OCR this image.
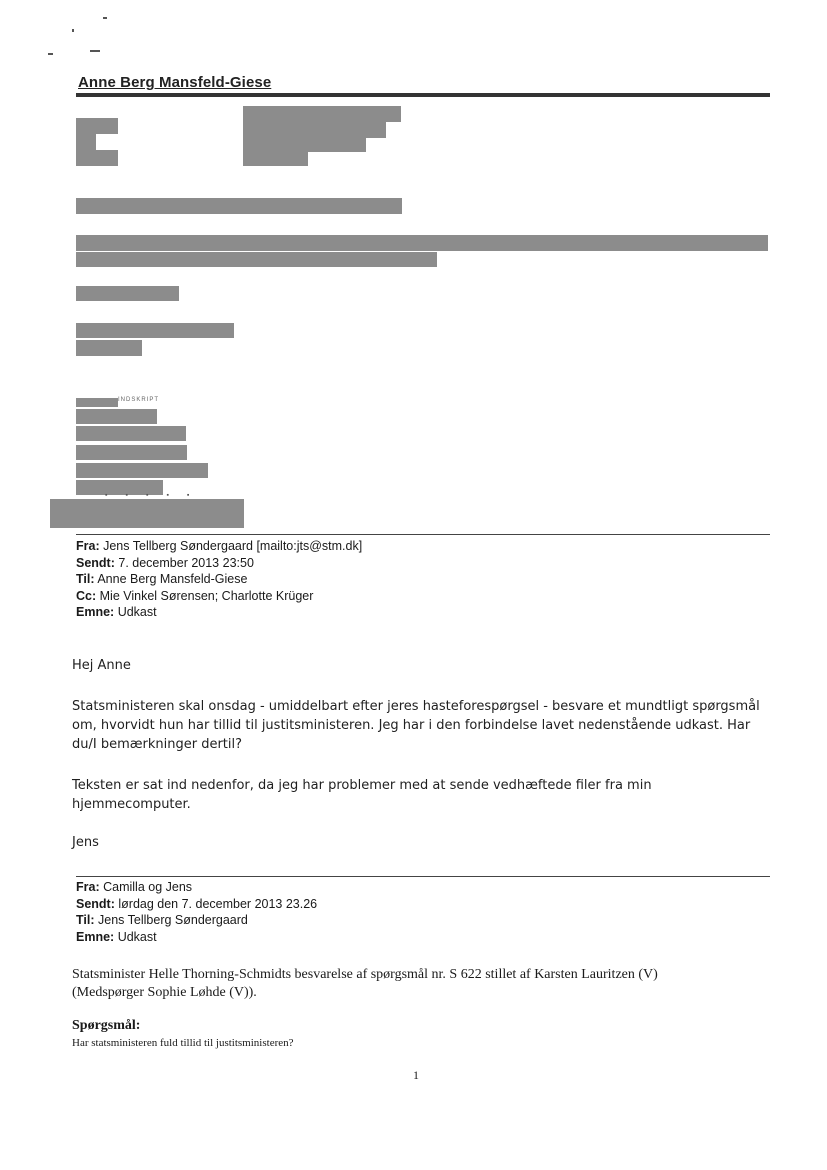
Anne Berg Mansfeld-Giese
INDSKRIPT
▪▪▪▪▪
Fra: Jens Tellberg Søndergaard [mailto:jts@stm.dk]
Sendt: 7. december 2013 23:50
Til: Anne Berg Mansfeld-Giese
Cc: Mie Vinkel Sørensen; Charlotte Krüger
Emne: Udkast
Hej Anne
Statsministeren skal onsdag - umiddelbart efter jeres hasteforespørgsel - besvare et mundtligt spørgsmål om, hvorvidt hun har tillid til justitsministeren. Jeg har i den forbindelse lavet nedenstående udkast. Har du/I bemærkninger dertil?
Teksten er sat ind nedenfor, da jeg har problemer med at sende vedhæftede filer fra min hjemmecomputer.
Jens
Fra: Camilla og Jens
Sendt: lørdag den 7. december 2013 23.26
Til: Jens Tellberg Søndergaard
Emne: Udkast
Statsminister Helle Thorning-Schmidts besvarelse af spørgsmål nr. S 622 stillet af Karsten Lauritzen (V) (Medspørger Sophie Løhde (V)).
Spørgsmål:
Har statsministeren fuld tillid til justitsministeren?
1
